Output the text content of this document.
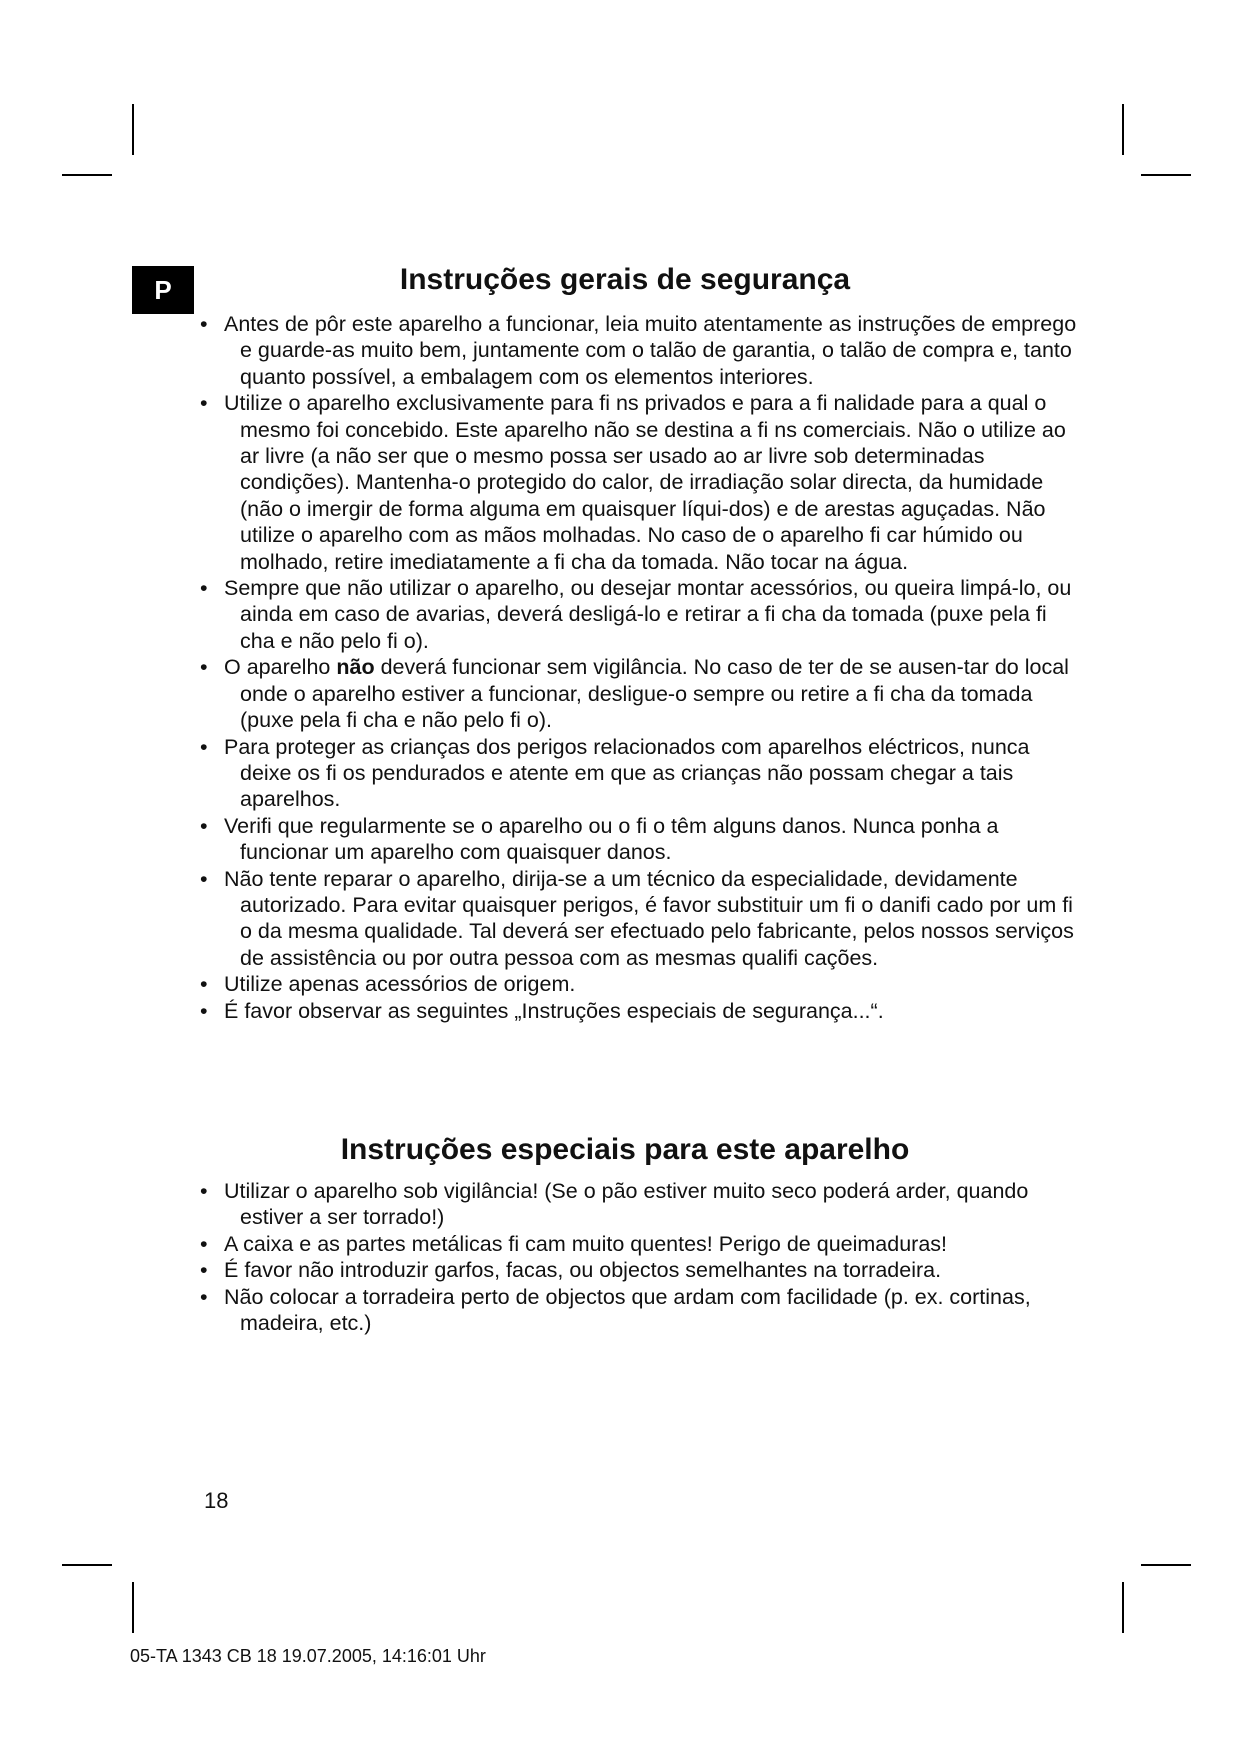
P	Instruções gerais de segurança
• Antes de pôr este aparelho a funcionar, leia muito atentamente as instruções de emprego e guarde-as muito bem, juntamente com o talão de garantia, o talão de compra e, tanto quanto possível, a embalagem com os elementos interiores.
• Utilize o aparelho exclusivamente para fi ns privados e para a fi nalidade para a qual o mesmo foi concebido. Este aparelho não se destina a fi ns comerciais. Não o utilize ao ar livre (a não ser que o mesmo possa ser usado ao ar livre sob determinadas condições). Mantenha-o protegido do calor, de irradiação solar directa, da humidade (não o imergir de forma alguma em quaisquer líqui-dos) e de arestas aguçadas. Não utilize o aparelho com as mãos molhadas. No caso de o aparelho fi car húmido ou molhado, retire imediatamente a fi cha da tomada. Não tocar na água.
• Sempre que não utilizar o aparelho, ou desejar montar acessórios, ou queira limpá-lo, ou ainda em caso de avarias, deverá desligá-lo e retirar a fi cha da tomada (puxe pela fi cha e não pelo fi o).
• O aparelho não deverá funcionar sem vigilância. No caso de ter de se ausen-tar do local onde o aparelho estiver a funcionar, desligue-o sempre ou retire a fi cha da tomada (puxe pela fi cha e não pelo fi o).
• Para proteger as crianças dos perigos relacionados com aparelhos eléctricos, nunca deixe os fi os pendurados e atente em que as crianças não possam chegar a tais aparelhos.
• Verifi que regularmente se o aparelho ou o fi o têm alguns danos. Nunca ponha a funcionar um aparelho com quaisquer danos.
• Não tente reparar o aparelho, dirija-se a um técnico da especialidade, devidamente autorizado. Para evitar quaisquer perigos, é favor substituir um fi o danifi cado por um fi o da mesma qualidade. Tal deverá ser efectuado pelo fabricante, pelos nossos serviços de assistência ou por outra pessoa com as mesmas qualifi cações.
• Utilize apenas acessórios de origem.
• É favor observar as seguintes „Instruções especiais de segurança...“.
Instruções especiais para este aparelho
• Utilizar o aparelho sob vigilância! (Se o pão estiver muito seco poderá arder, quando estiver a ser torrado!)
• A caixa e as partes metálicas fi cam muito quentes! Perigo de queimaduras!
• É favor não introduzir garfos, facas, ou objectos semelhantes na torradeira.
• Não colocar a torradeira perto de objectos que ardam com facilidade (p. ex. cortinas, madeira, etc.)
18
05-TA 1343 CB 18 19.07.2005, 14:16:01 Uhr
